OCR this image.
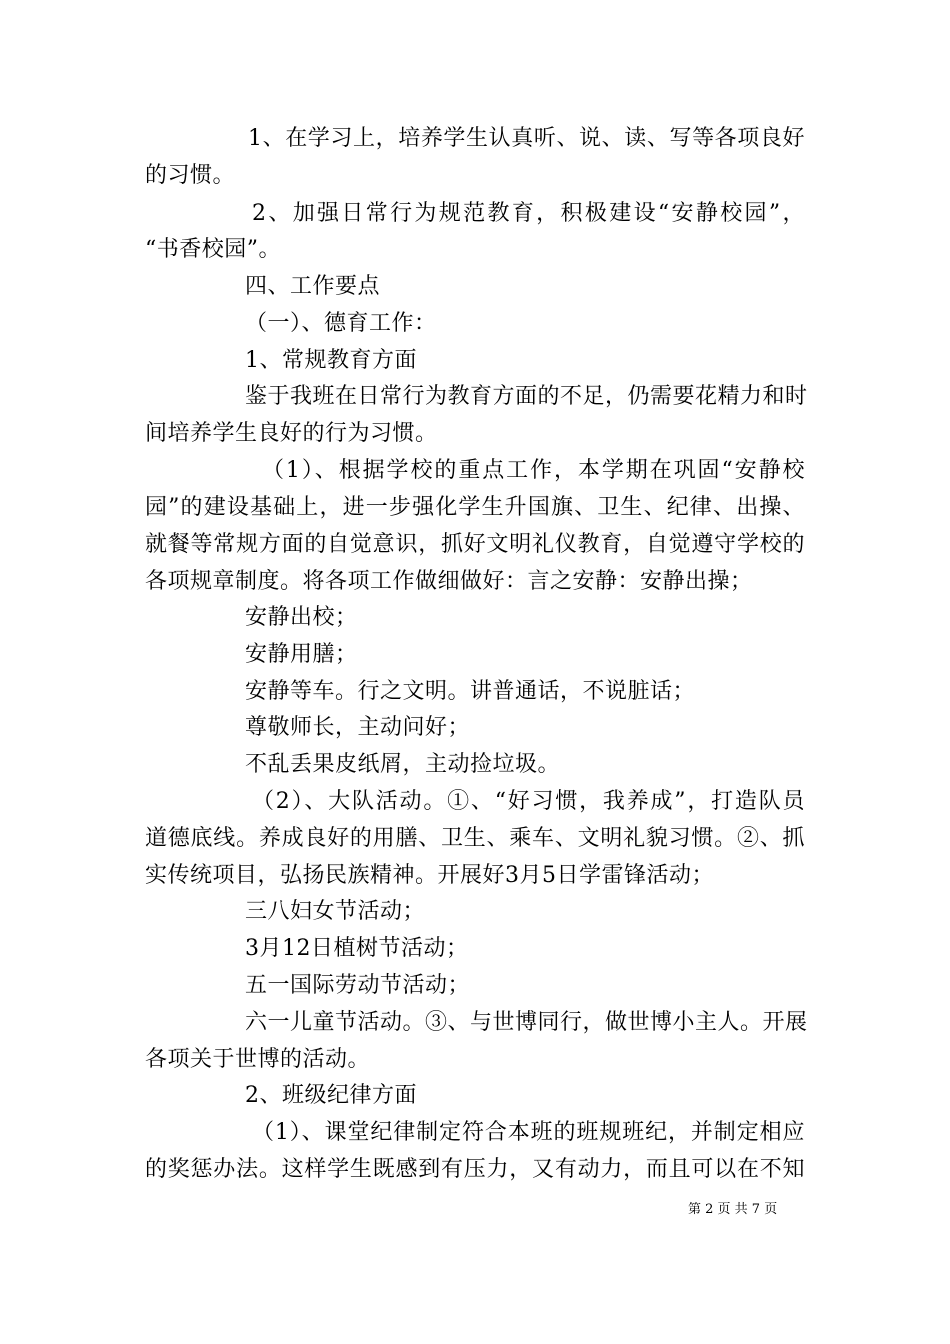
1、在学习上，培养学生认真听、说、读、写等各项良好
的习惯。
2、加强日常行为规范教育，积极建设“安静校园”，
“书香校园”。
四、工作要点
（一）、德育工作：
1、常规教育方面
鉴于我班在日常行为教育方面的不足，仍需要花精力和时
间培养学生良好的行为习惯。
（1）、根据学校的重点工作，本学期在巩固“安静校
园”的建设基础上，进一步强化学生升国旗、卫生、纪律、出操、
就餐等常规方面的自觉意识，抓好文明礼仪教育，自觉遵守学校的
各项规章制度。将各项工作做细做好：言之安静：安静出操；
安静出校；
安静用膳；
安静等车。行之文明。讲普通话，不说脏话；
尊敬师长，主动问好；
不乱丢果皮纸屑，主动捡垃圾。
（2）、大队活动。①、“好习惯，我养成”，打造队员
道德底线。养成良好的用膳、卫生、乘车、文明礼貌习惯。②、抓
实传统项目，弘扬民族精神。开展好3月5日学雷锋活动；
三八妇女节活动；
3月12日植树节活动；
五一国际劳动节活动；
六一儿童节活动。③、与世博同行，做世博小主人。开展
各项关于世博的活动。
2、班级纪律方面
（1）、课堂纪律制定符合本班的班规班纪，并制定相应
的奖惩办法。这样学生既感到有压力，又有动力，而且可以在不知
第 2 页 共 7 页
